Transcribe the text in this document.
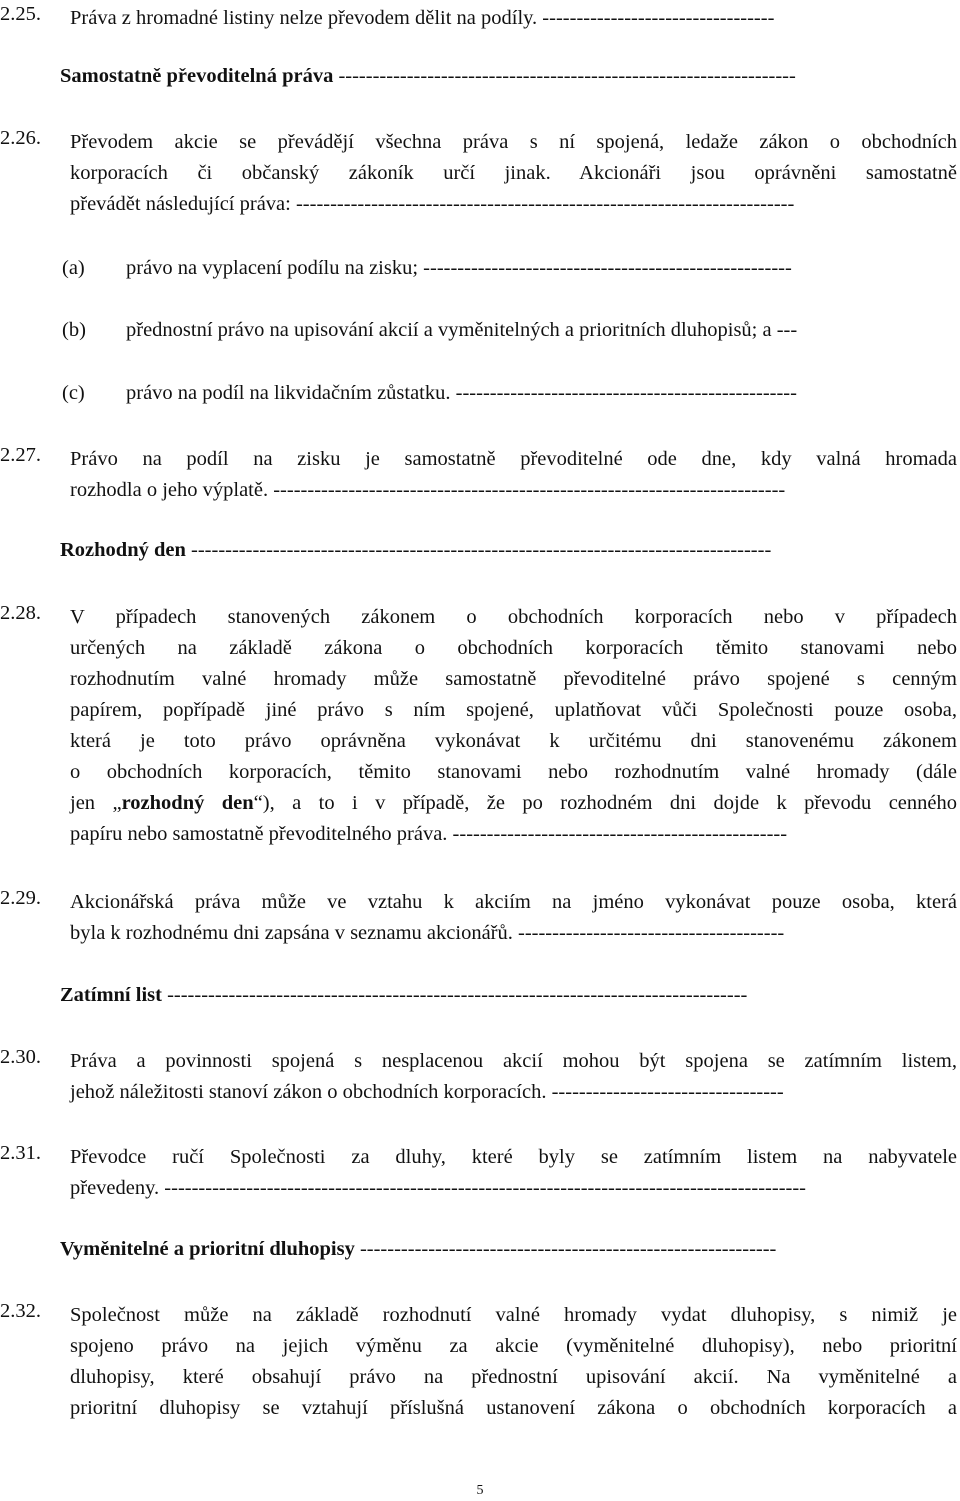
2.25. Práva z hromadné listiny nelze převodem dělit na podíly. ----------------------------------
Samostatně převoditelná práva -------------------------------------------------------------------
2.26. Převodem akcie se převádějí všechna práva s ní spojená, ledaže zákon o obchodních
korporacích či občanský zákoník určí jinak. Akcionáři jsou oprávněni samostatně
převádět následující práva: -------------------------------------------------------------------------
(a) právo na vyplacení podílu na zisku; ------------------------------------------------------
(b) přednostní právo na upisování akcií a vyměnitelných a prioritních dluhopisů; a ---
(c) právo na podíl na likvidačním zůstatku. --------------------------------------------------
2.27. Právo na podíl na zisku je samostatně převoditelné ode dne, kdy valná hromada
rozhodla o jeho výplatě. ---------------------------------------------------------------------------
Rozhodný den -------------------------------------------------------------------------------------
2.28. V případech stanovených zákonem o obchodních korporacích nebo v případech
určených na základě zákona o obchodních korporacích těmito stanovami nebo
rozhodnutím valné hromady může samostatně převoditelné právo spojené s cenným
papírem, popřípadě jiné právo s ním spojené, uplatňovat vůči Společnosti pouze osoba,
která je toto právo oprávněna vykonávat k určitému dni stanovenému zákonem
o obchodních korporacích, těmito stanovami nebo rozhodnutím valné hromady (dále
jen „rozhodný den“), a to i v případě, že po rozhodném dni dojde k převodu cenného
papíru nebo samostatně převoditelného práva. -------------------------------------------------
2.29. Akcionářská práva může ve vztahu k akciím na jméno vykonávat pouze osoba, která
byla k rozhodnému dni zapsána v seznamu akcionářů. ---------------------------------------
Zatímní list -------------------------------------------------------------------------------------
2.30. Práva a povinnosti spojená s nesplacenou akcií mohou být spojena se zatímním listem,
jehož náležitosti stanoví zákon o obchodních korporacích. ----------------------------------
2.31. Převodce ručí Společnosti za dluhy, které byly se zatímním listem na nabyvatele
převedeny. ----------------------------------------------------------------------------------------------
Vyměnitelné a prioritní dluhopisy -------------------------------------------------------------
2.32. Společnost může na základě rozhodnutí valné hromady vydat dluhopisy, s nimiž je
spojeno právo na jejich výměnu za akcie (vyměnitelné dluhopisy), nebo prioritní
dluhopisy, které obsahují právo na přednostní upisování akcií. Na vyměnitelné a
prioritní dluhopisy se vztahují příslušná ustanovení zákona o obchodních korporacích a
5
